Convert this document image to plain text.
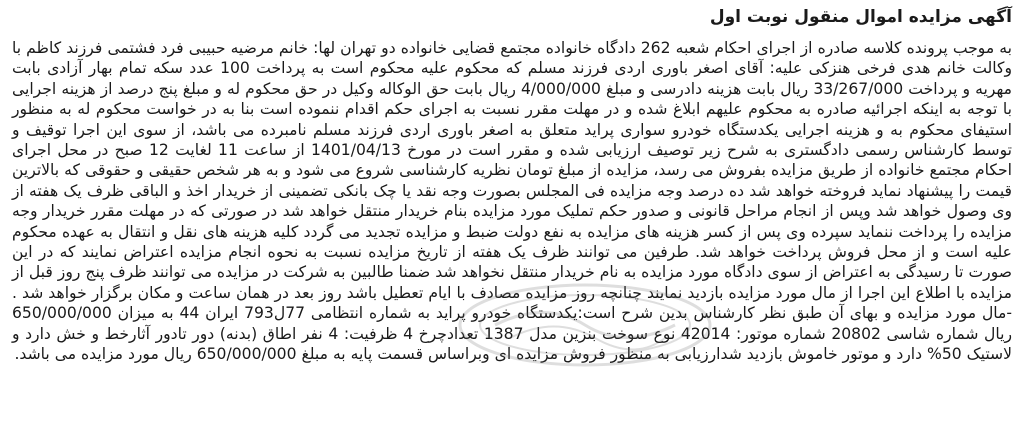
آگهی مزایده اموال منقول نوبت اول
به موجب پرونده کلاسه صادره از اجرای احکام شعبه 262 دادگاه خانواده مجتمع قضایی خانواده دو تهران لها: خانم مرضیه حبیبی فرد فشتمی فرزند کاظم با وکالت خانم هدی فرخی هنزکی علیه: آقای اصغر باوری اردی فرزند مسلم که محکوم علیه محکوم است به پرداخت 100 عدد سکه تمام بهار آزادی بابت مهریه و پرداخت 33/267/000 ریال بابت هزینه دادرسی و مبلغ 4/000/000 ریال بابت حق الوکاله وکیل در حق محکوم له و مبلغ پنج درصد از هزینه اجرایی با توجه به اینکه اجرائیه صادره به محکوم علیهم ابلاغ شده و در مهلت مقرر نسبت به اجرای حکم اقدام ننموده است بنا به در خواست محکوم له به منظور استیفای محکوم به و هزینه اجرایی یکدستگاه خودرو سواری پراید متعلق به اصغر باوری اردی فرزند مسلم نامبرده می باشد، از سوی این اجرا توقیف و توسط کارشناس رسمی دادگستری به شرح زیر توصیف ارزیابی شده و مقرر است در مورخ 1401/04/13 از ساعت 11 لغایت 12 صبح در محل اجرای احکام مجتمع خانواده از طریق مزایده بفروش می رسد، مزایده از مبلغ تومان نظریه کارشناسی شروع می شود و به هر شخص حقیقی و حقوقی که بالاترین قیمت را پیشنهاد نماید فروخته خواهد شد ده درصد وجه مزایده فی المجلس بصورت وجه نقد یا چک بانکی تضمینی از خریدار اخذ و الباقی ظرف یک هفته از وی وصول خواهد شد وپس از انجام مراحل قانونی و صدور حکم تملیک مورد مزایده بنام خریدار منتقل خواهد شد در صورتی که در مهلت مقرر خریدار وجه مزایده را پرداخت ننماید سپرده وی پس از کسر هزینه های مزایده به نفع دولت ضبط و مزایده تجدید می گردد کلیه هزینه های نقل و انتقال به عهده محکوم علیه است و از محل فروش پرداخت خواهد شد. طرفین می توانند ظرف یک هفته از تاریخ مزایده نسبت به نحوه انجام مزایده اعتراض نمایند که در این صورت تا رسیدگی به اعتراض از سوی دادگاه مورد مزایده به نام خریدار منتقل نخواهد شد ضمنا طالبین به شرکت در مزایده می توانند ظرف پنج روز قبل از مزایده با اطلاع این اجرا از مال مورد مزایده بازدید نمایند چنانچه روز مزایده مصادف با ایام تعطیل باشد روز بعد در همان ساعت و مکان برگزار خواهد شد . -مال مورد مزایده و بهای آن طبق نظر کارشناس بدین شرح است:یکدستگاه خودرو پراید به شماره انتظامی 77ل793 ایران 44 به میزان 650/000/000 ریال شماره شاسی 20802 شماره موتور: 42014 نوع سوخت بنزین مدل 1387 تعدادچرخ 4 ظرفیت: 4 نفر اطاق (بدنه) دور تادور آثارخط و خش دارد و لاستیک 50% دارد و موتور خاموش بازدید شدارزیابی به منظور فروش مزایده ای وبراساس قسمت پایه به مبلغ 650/000/000 ریال مورد مزایده می باشد.
